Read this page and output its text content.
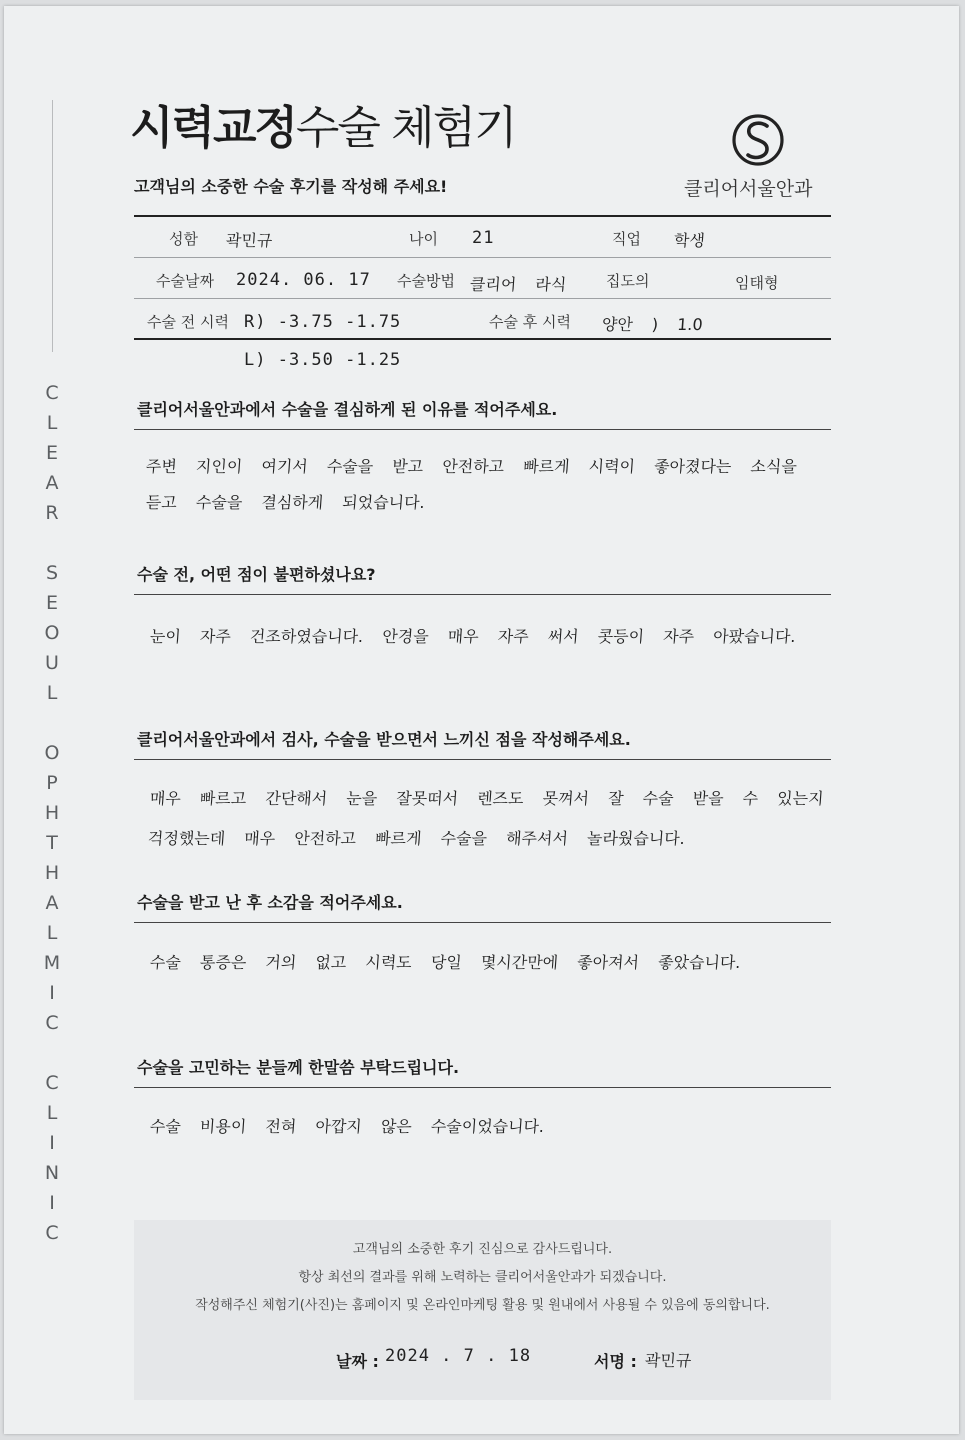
CLEAR SEOUL OPHTHALMIC CLINIC
시력교정수술 체험기
고객님의 소중한 수술 후기를 작성해 주세요!	클리어서울안과
성함 곽민규	나이 21	직업 학생
수술날짜 2024. 06. 17 수술방법 클리어 라식	집도의	임태형
수술 전 시력 R) -3.75 -1.75
L) -3.50 -1.25
수술 후 시력 양안 ) 1.0
클리어서울안과에서 수술을 결심하게 된 이유를 적어주세요.
주변 지인이 여기서 수술을 받고 안전하고 빠르게 시력이 좋아졌다는 소식을
듣고 수술을 결심하게 되었습니다.
수술 전, 어떤 점이 불편하셨나요?
눈이 자주 건조하였습니다. 안경을 매우 자주 써서 콧등이 자주 아팠습니다.
클리어서울안과에서 검사, 수술을 받으면서 느끼신 점을 작성해주세요.
매우 빠르고 간단해서 눈을 잘못떠서 렌즈도 못껴서 잘 수술 받을 수 있는지
걱정했는데 매우 안전하고 빠르게 수술을 해주셔서 놀라웠습니다.
수술을 받고 난 후 소감을 적어주세요.
수술 통증은 거의 없고 시력도 당일 몇시간만에 좋아져서 좋았습니다.
수술을 고민하는 분들께 한말씀 부탁드립니다.
수술 비용이 전혀 아깝지 않은 수술이었습니다.
고객님의 소중한 후기 진심으로 감사드립니다.
항상 최선의 결과를 위해 노력하는 클리어서울안과가 되겠습니다.
작성해주신 체험기(사진)는 홈페이지 및 온라인마케팅 활용 및 원내에서 사용될 수 있음에 동의합니다.
날짜 : 2024 . 7 . 18	서명 : 곽민규
